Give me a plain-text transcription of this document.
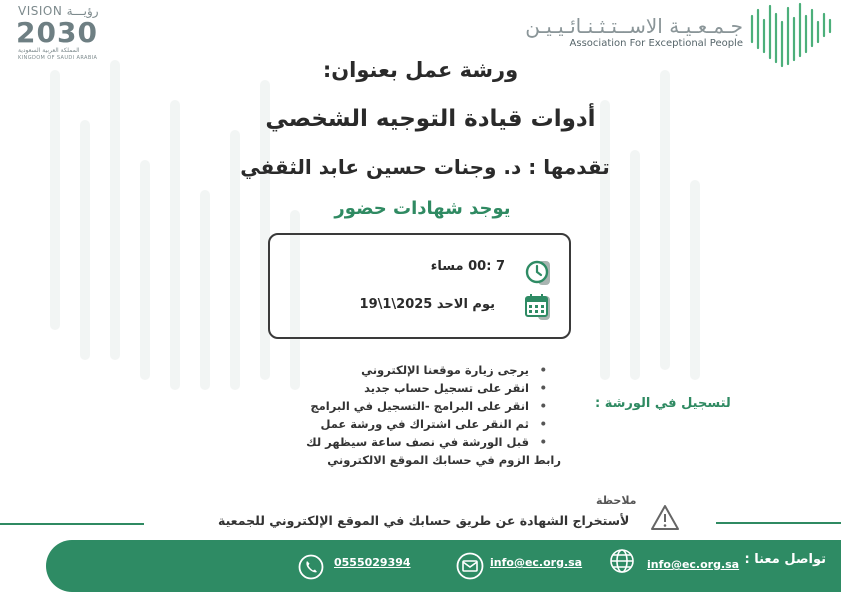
VISION رؤيـــة
2030
المملكة العربية السعودية
KINGDOM OF SAUDI ARABIA
جـمـعـيـة الاســتـثـنـائـيـيـن
Association For Exceptional People
ورشة عمل بعنوان:
أدوات قيادة التوجيه الشخصي
تقدمها : د. وجنات حسين عابد الثقفي
يوجد شهادات حضور
7 :00 مساء
يوم الاحد 2025\1\19
لتسجيل في الورشة :
• يرجى زيارة موقعنا الإلكتروني
• انقر على تسجيل حساب جديد
• انقر على البرامج -التسجيل في البرامج
• ثم النقر على اشتراك في ورشة عمل
• قبل الورشة في نصف ساعة سيظهر لك
رابط الزوم في حسابك الموقع الالكتروني
ملاحظة
لأستخراج الشهادة عن طريق حسابك في الموقع الإلكتروني للجمعية
تواصل معنا :
info@ec.org.sa
info@ec.org.sa
0555029394
